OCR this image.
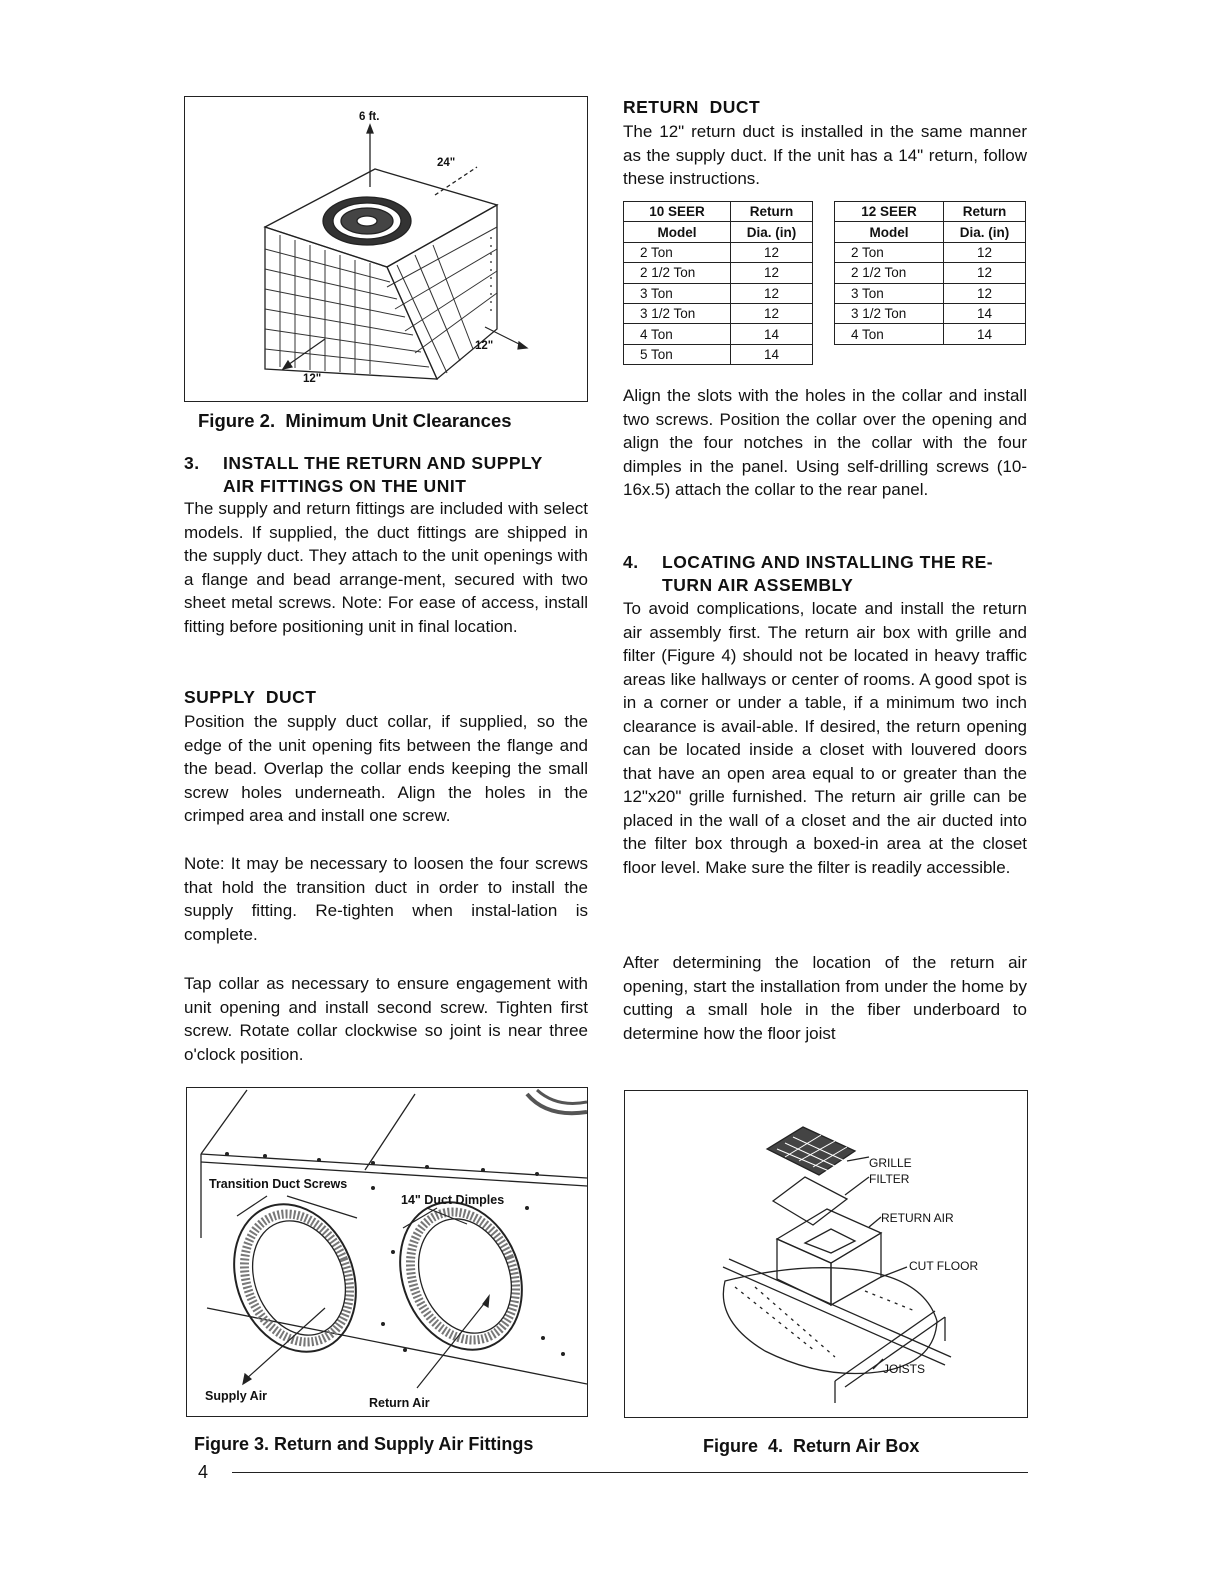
6 ft.
24"
12"
12"
Figure 2.  Minimum Unit Clearances
3. INSTALL THE RETURN AND SUPPLY
AIR FITTINGS ON THE UNIT

The supply and return fittings are included with select models. If supplied, the duct fittings are shipped in the supply duct. They attach to the unit openings with a flange and bead arrange-ment, secured with two sheet metal screws. Note: For ease of access, install fitting before positioning unit in final location.

SUPPLY  DUCT

Position the supply duct collar, if supplied, so the edge of the unit opening fits between the flange and the bead. Overlap the collar ends keeping the small screw holes underneath. Align the holes in the crimped area and install one screw.

Note: It may be necessary to loosen the four screws that hold the transition duct in order to install the supply fitting. Re-tighten when instal-lation is complete.

Tap collar as necessary to ensure engagement with unit opening and install second screw. Tighten first screw. Rotate collar clockwise so joint is near three o'clock position.

Transition Duct Screws
14" Duct Dimples
Supply Air	Return Air
Figure 3. Return and Supply Air Fittings

RETURN  DUCT

The 12" return duct is installed in the same manner as the supply duct. If the unit has a 14" return, follow these instructions.

10 SEER	Return
Model	Dia. (in)
2 Ton	12
2 1/2 Ton	12
3 Ton	12
3 1/2 Ton	12
4 Ton	14
5 Ton	14
12 SEER	Return
Model	Dia. (in)
2 Ton	12
2 1/2 Ton	12
3 Ton	12
3 1/2 Ton	14
4 Ton	14

Align the slots with the holes in the collar and install two screws. Position the collar over the opening and align the four notches in the collar with the four dimples in the panel. Using self-drilling screws (10-16x.5) attach the collar to the rear panel.

4. LOCATING AND INSTALLING THE RE-
TURN AIR ASSEMBLY

To avoid complications, locate and install the return air assembly first. The return air box with grille and filter (Figure 4) should not be located in heavy traffic areas like hallways or center of rooms. A good spot is in a corner or under a table, if a minimum two inch clearance is avail-able. If desired, the return opening can be located inside a closet with louvered doors that have an open area equal to or greater than the 12"x20" grille furnished. The return air grille can be placed in the wall of a closet and the air ducted into the filter box through a boxed-in area at the closet floor level. Make sure the filter is readily accessible.

After determining the location of the return air opening, start the installation from under the home by cutting a small hole in the fiber underboard to determine how the floor joist

GRILLE
FILTER
RETURN AIR
CUT FLOOR
JOISTS
Figure  4.  Return Air Box
4
